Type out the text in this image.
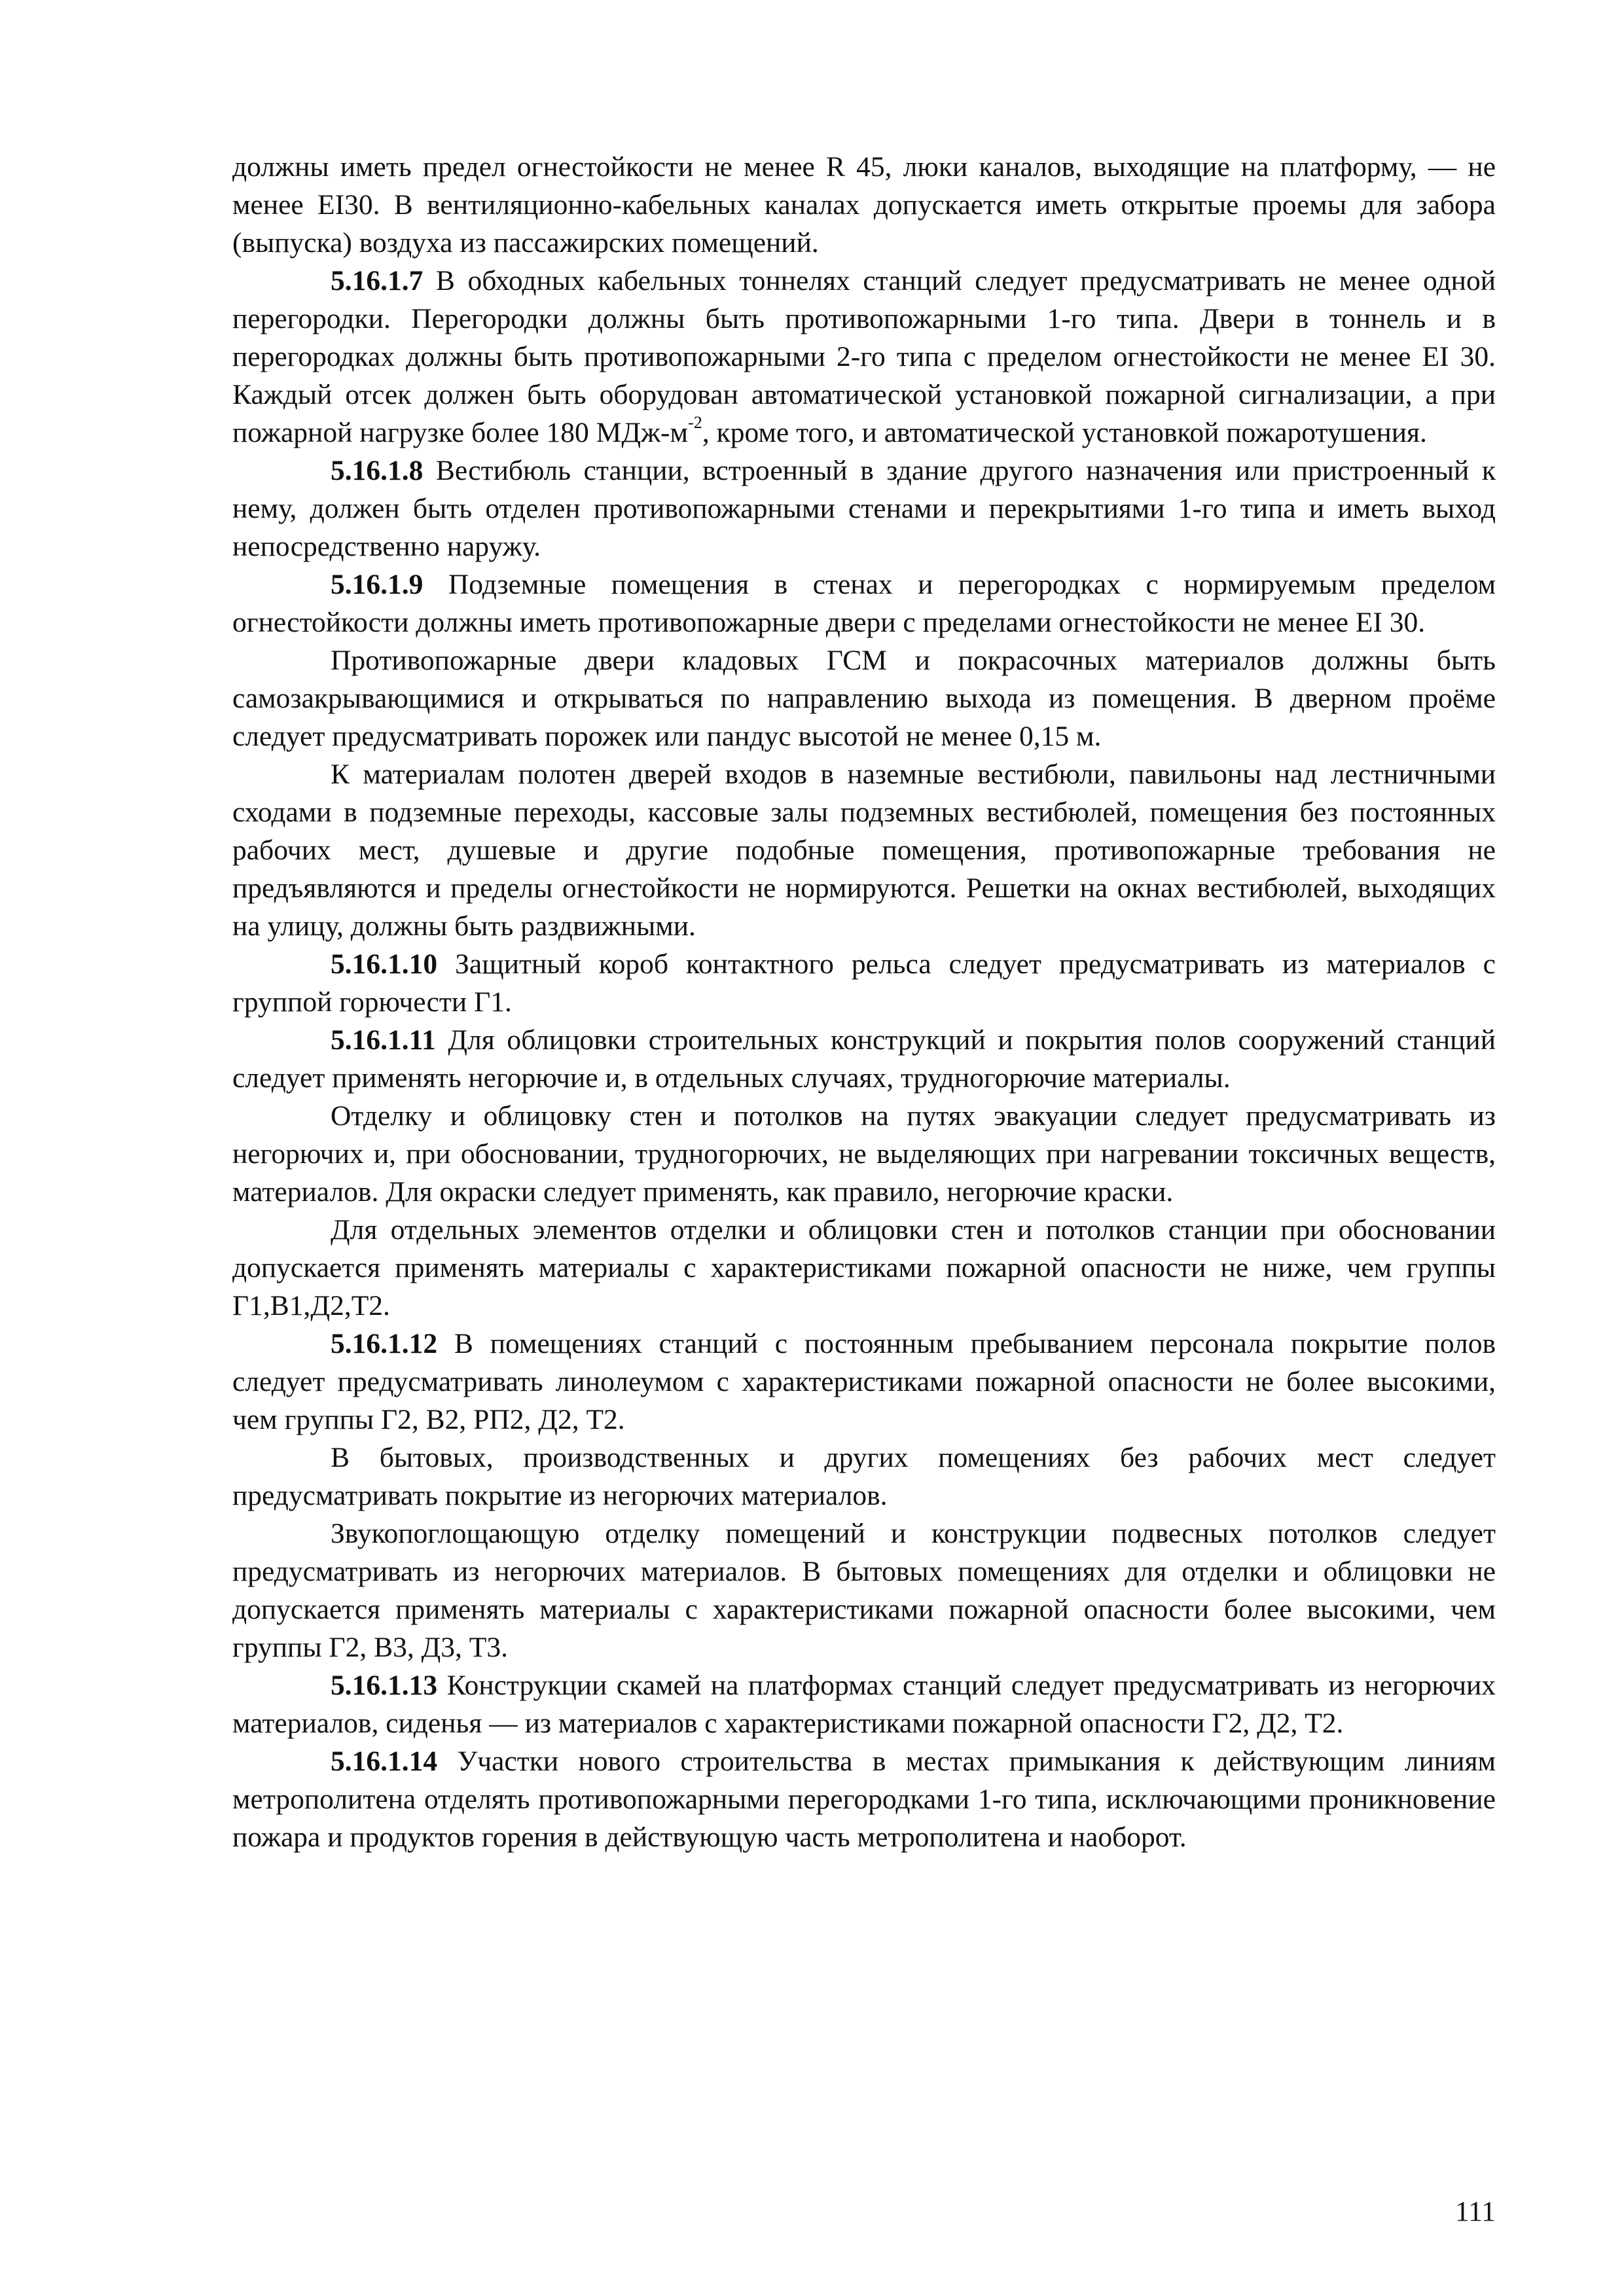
должны иметь предел огнестойкости не менее R 45, люки каналов, выходящие на платформу, — не менее EI30. В вентиляционно-кабельных каналах допускается иметь открытые проемы для забора (выпуска) воздуха из пассажирских помещений.

5.16.1.7 В обходных кабельных тоннелях станций следует предусматривать не менее одной перегородки. Перегородки должны быть противопожарными 1-го типа. Двери в тоннель и в перегородках должны быть противопожарными 2-го типа с пределом огнестойкости не менее EI 30. Каждый отсек должен быть оборудован автоматической установкой пожарной сигнализации, а при пожарной нагрузке более 180 МДж-$м^{-2}$, кроме того, и автоматической установкой пожаротушения.

5.16.1.8 Вестибюль станции, встроенный в здание другого назначения или пристроенный к нему, должен быть отделен противопожарными стенами и перекрытиями 1-го типа и иметь выход непосредственно наружу.

5.16.1.9 Подземные помещения в стенах и перегородках с нормируемым пределом огнестойкости должны иметь противопожарные двери с пределами огнестойкости не менее EI 30.

Противопожарные двери кладовых ГСМ и покрасочных материалов должны быть самозакрывающимися и открываться по направлению выхода из помещения. В дверном проёме следует предусматривать порожек или пандус высотой не менее 0,15 м.

К материалам полотен дверей входов в наземные вестибюли, павильоны над лестничными сходами в подземные переходы, кассовые залы подземных вестибюлей, помещения без постоянных рабочих мест, душевые и другие подобные помещения, противопожарные требования не предъявляются и пределы огнестойкости не нормируются. Решетки на окнах вестибюлей, выходящих на улицу, должны быть раздвижными.

5.16.1.10 Защитный короб контактного рельса следует предусматривать из материалов с группой горючести Г1.

5.16.1.11 Для облицовки строительных конструкций и покрытия полов сооружений станций следует применять негорючие и, в отдельных случаях, трудногорючие материалы.

Отделку и облицовку стен и потолков на путях эвакуации следует предусматривать из негорючих и, при обосновании, трудногорючих, не выделяющих при нагревании токсичных веществ, материалов. Для окраски следует применять, как правило, негорючие краски.

Для отдельных элементов отделки и облицовки стен и потолков станции при обосновании допускается применять материалы с характеристиками пожарной опасности не ниже, чем группы Г1,В1,Д2,Т2.

5.16.1.12 В помещениях станций с постоянным пребыванием персонала покрытие полов следует предусматривать линолеумом с характеристиками пожарной опасности не более высокими, чем группы Г2, В2, РП2, Д2, Т2.

В бытовых, производственных и других помещениях без рабочих мест следует предусматривать покрытие из негорючих материалов.

Звукопоглощающую отделку помещений и конструкции подвесных потолков следует предусматривать из негорючих материалов. В бытовых помещениях для отделки и облицовки не допускается применять материалы с характеристиками пожарной опасности более высокими, чем группы Г2, В3, Д3, Т3.

5.16.1.13 Конструкции скамей на платформах станций следует предусматривать из негорючих материалов, сиденья — из материалов с характеристиками пожарной опасности Г2, Д2, Т2.

5.16.1.14 Участки нового строительства в местах примыкания к действующим линиям метрополитена отделять противопожарными перегородками 1-го типа, исключающими проникновение пожара и продуктов горения в действующую часть метрополитена и наоборот.

111
